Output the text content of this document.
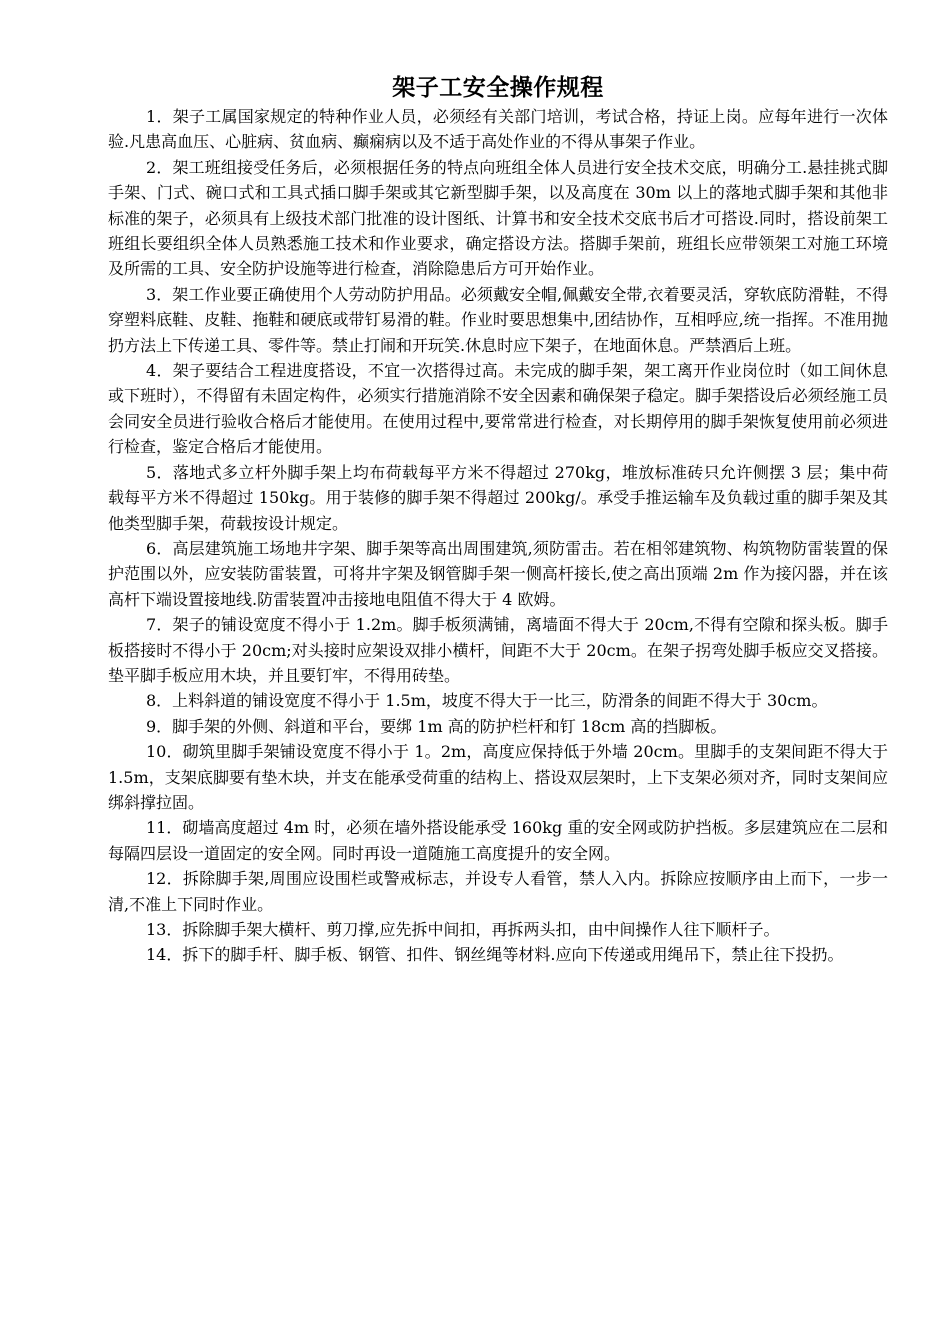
架子工安全操作规程

1．架子工属国家规定的特种作业人员，必须经有关部门培训，考试合格，持证上岗。应每年进行一次体验.凡患高血压、心脏病、贫血病、癫痫病以及不适于高处作业的不得从事架子作业。

2．架工班组接受任务后，必须根据任务的特点向班组全体人员进行安全技术交底，明确分工.悬挂挑式脚手架、门式、碗口式和工具式插口脚手架或其它新型脚手架，以及高度在 30m 以上的落地式脚手架和其他非标准的架子，必须具有上级技术部门批准的设计图纸、计算书和安全技术交底书后才可搭设.同时，搭设前架工班组长要组织全体人员熟悉施工技术和作业要求，确定搭设方法。搭脚手架前，班组长应带领架工对施工环境及所需的工具、安全防护设施等进行检查，消除隐患后方可开始作业。

3．架工作业要正确使用个人劳动防护用品。必须戴安全帽,佩戴安全带,衣着要灵活，穿软底防滑鞋，不得穿塑料底鞋、皮鞋、拖鞋和硬底或带钉易滑的鞋。作业时要思想集中,团结协作，互相呼应,统一指挥。不准用抛扔方法上下传递工具、零件等。禁止打闹和开玩笑.休息时应下架子，在地面休息。严禁酒后上班。

4．架子要结合工程进度搭设，不宜一次搭得过高。未完成的脚手架，架工离开作业岗位时（如工间休息或下班时），不得留有未固定构件，必须实行措施消除不安全因素和确保架子稳定。脚手架搭设后必须经施工员会同安全员进行验收合格后才能使用。在使用过程中,要常常进行检查，对长期停用的脚手架恢复使用前必须进行检查，鉴定合格后才能使用。

5．落地式多立杆外脚手架上均布荷载每平方米不得超过 270kg，堆放标准砖只允许侧摆 3 层；集中荷载每平方米不得超过 150kg。用于装修的脚手架不得超过 200kg/。承受手推运输车及负载过重的脚手架及其他类型脚手架，荷载按设计规定。

6．高层建筑施工场地井字架、脚手架等高出周围建筑,须防雷击。若在相邻建筑物、构筑物防雷装置的保护范围以外，应安装防雷装置，可将井字架及钢管脚手架一侧高杆接长,使之高出顶端 2m 作为接闪器，并在该高杆下端设置接地线.防雷装置冲击接地电阻值不得大于 4 欧姆。

7．架子的铺设宽度不得小于 1.2m。脚手板须满铺，离墙面不得大于 20cm,不得有空隙和探头板。脚手板搭接时不得小于 20cm;对头接时应架设双排小横杆，间距不大于 20cm。在架子拐弯处脚手板应交叉搭接。垫平脚手板应用木块，并且要钉牢，不得用砖垫。

8．上料斜道的铺设宽度不得小于 1.5m，坡度不得大于一比三，防滑条的间距不得大于 30cm。

9．脚手架的外侧、斜道和平台，要绑 1m 高的防护栏杆和钉 18cm 高的挡脚板。

10．砌筑里脚手架铺设宽度不得小于 1。2m，高度应保持低于外墙 20cm。里脚手的支架间距不得大于 1.5m，支架底脚要有垫木块，并支在能承受荷重的结构上、搭设双层架时，上下支架必须对齐，同时支架间应绑斜撑拉固。

11．砌墙高度超过 4m 时，必须在墙外搭设能承受 160kg 重的安全网或防护挡板。多层建筑应在二层和每隔四层设一道固定的安全网。同时再设一道随施工高度提升的安全网。

12．拆除脚手架,周围应设围栏或警戒标志，并设专人看管，禁人入内。拆除应按顺序由上而下，一步一清,不准上下同时作业。

13．拆除脚手架大横杆、剪刀撑,应先拆中间扣，再拆两头扣，由中间操作人往下顺杆子。

14．拆下的脚手杆、脚手板、钢管、扣件、钢丝绳等材料.应向下传递或用绳吊下，禁止往下投扔。
